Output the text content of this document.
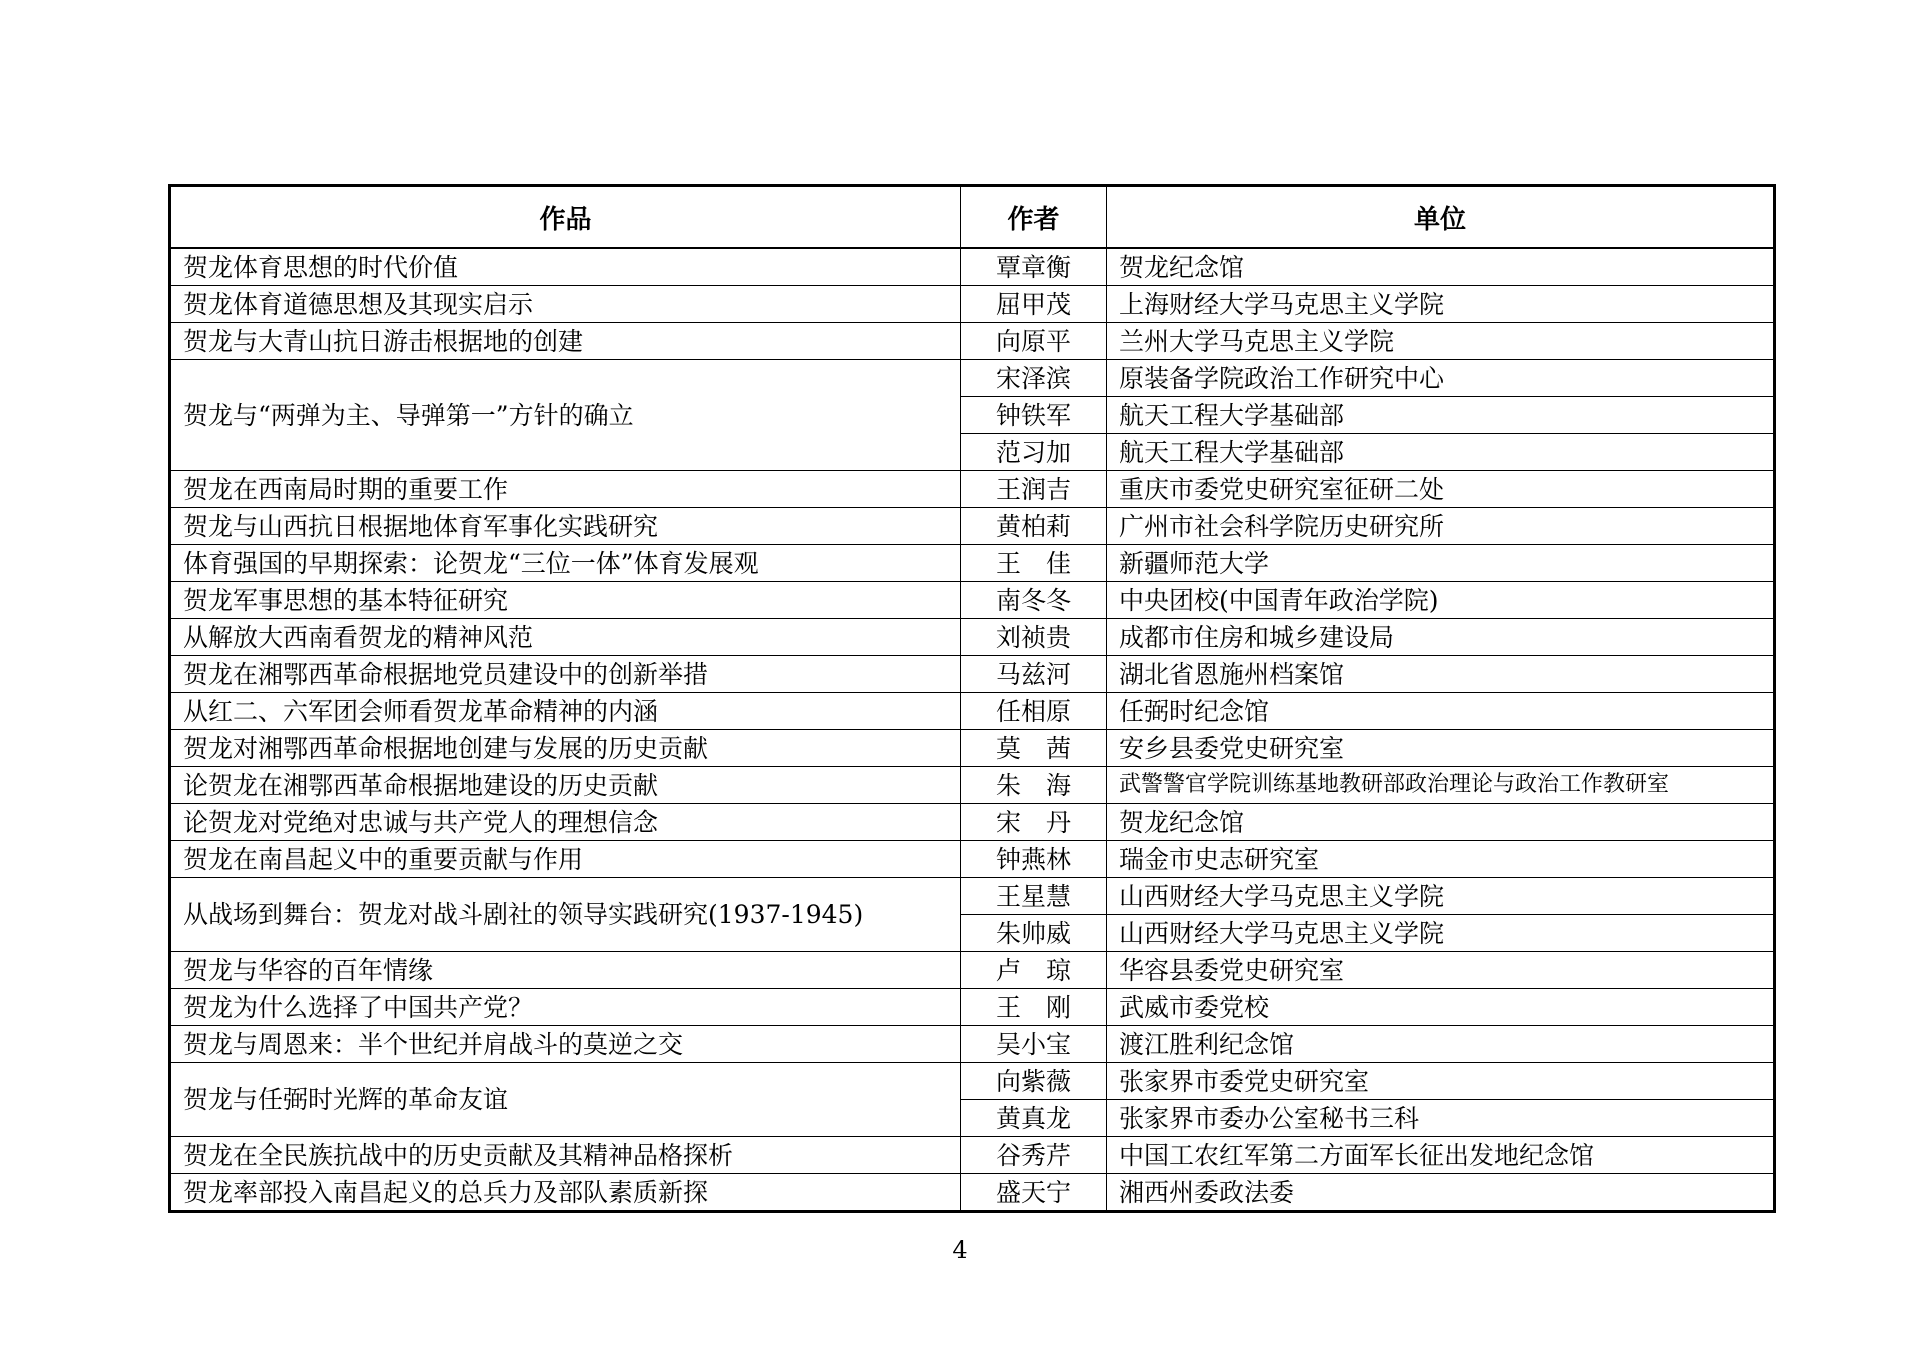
作品	作者	单位
贺龙体育思想的时代价值	覃章衡	贺龙纪念馆
贺龙体育道德思想及其现实启示	屈甲茂	上海财经大学马克思主义学院
贺龙与大青山抗日游击根据地的创建	向原平	兰州大学马克思主义学院
贺龙与“两弹为主、导弹第一”方针的确立	宋泽滨	原装备学院政治工作研究中心
	钟铁军	航天工程大学基础部
	范习加	航天工程大学基础部
贺龙在西南局时期的重要工作	王润吉	重庆市委党史研究室征研二处
贺龙与山西抗日根据地体育军事化实践研究	黄柏莉	广州市社会科学院历史研究所
体育强国的早期探索：论贺龙“三位一体”体育发展观	王　佳	新疆师范大学
贺龙军事思想的基本特征研究	南冬冬	中央团校(中国青年政治学院)
从解放大西南看贺龙的精神风范	刘祯贵	成都市住房和城乡建设局
贺龙在湘鄂西革命根据地党员建设中的创新举措	马兹河	湖北省恩施州档案馆
从红二、六军团会师看贺龙革命精神的内涵	任相原	任弼时纪念馆
贺龙对湘鄂西革命根据地创建与发展的历史贡献	莫　茜	安乡县委党史研究室
论贺龙在湘鄂西革命根据地建设的历史贡献	朱　海	武警警官学院训练基地教研部政治理论与政治工作教研室
论贺龙对党绝对忠诚与共产党人的理想信念	宋　丹	贺龙纪念馆
贺龙在南昌起义中的重要贡献与作用	钟燕林	瑞金市史志研究室
从战场到舞台：贺龙对战斗剧社的领导实践研究(1937-1945)	王星慧	山西财经大学马克思主义学院
	朱帅威	山西财经大学马克思主义学院
贺龙与华容的百年情缘	卢　琼	华容县委党史研究室
贺龙为什么选择了中国共产党？	王　刚	武威市委党校
贺龙与周恩来：半个世纪并肩战斗的莫逆之交	吴小宝	渡江胜利纪念馆
贺龙与任弼时光辉的革命友谊	向紫薇	张家界市委党史研究室
	黄真龙	张家界市委办公室秘书三科
贺龙在全民族抗战中的历史贡献及其精神品格探析	谷秀芹	中国工农红军第二方面军长征出发地纪念馆
贺龙率部投入南昌起义的总兵力及部队素质新探	盛天宁	湘西州委政法委
4
